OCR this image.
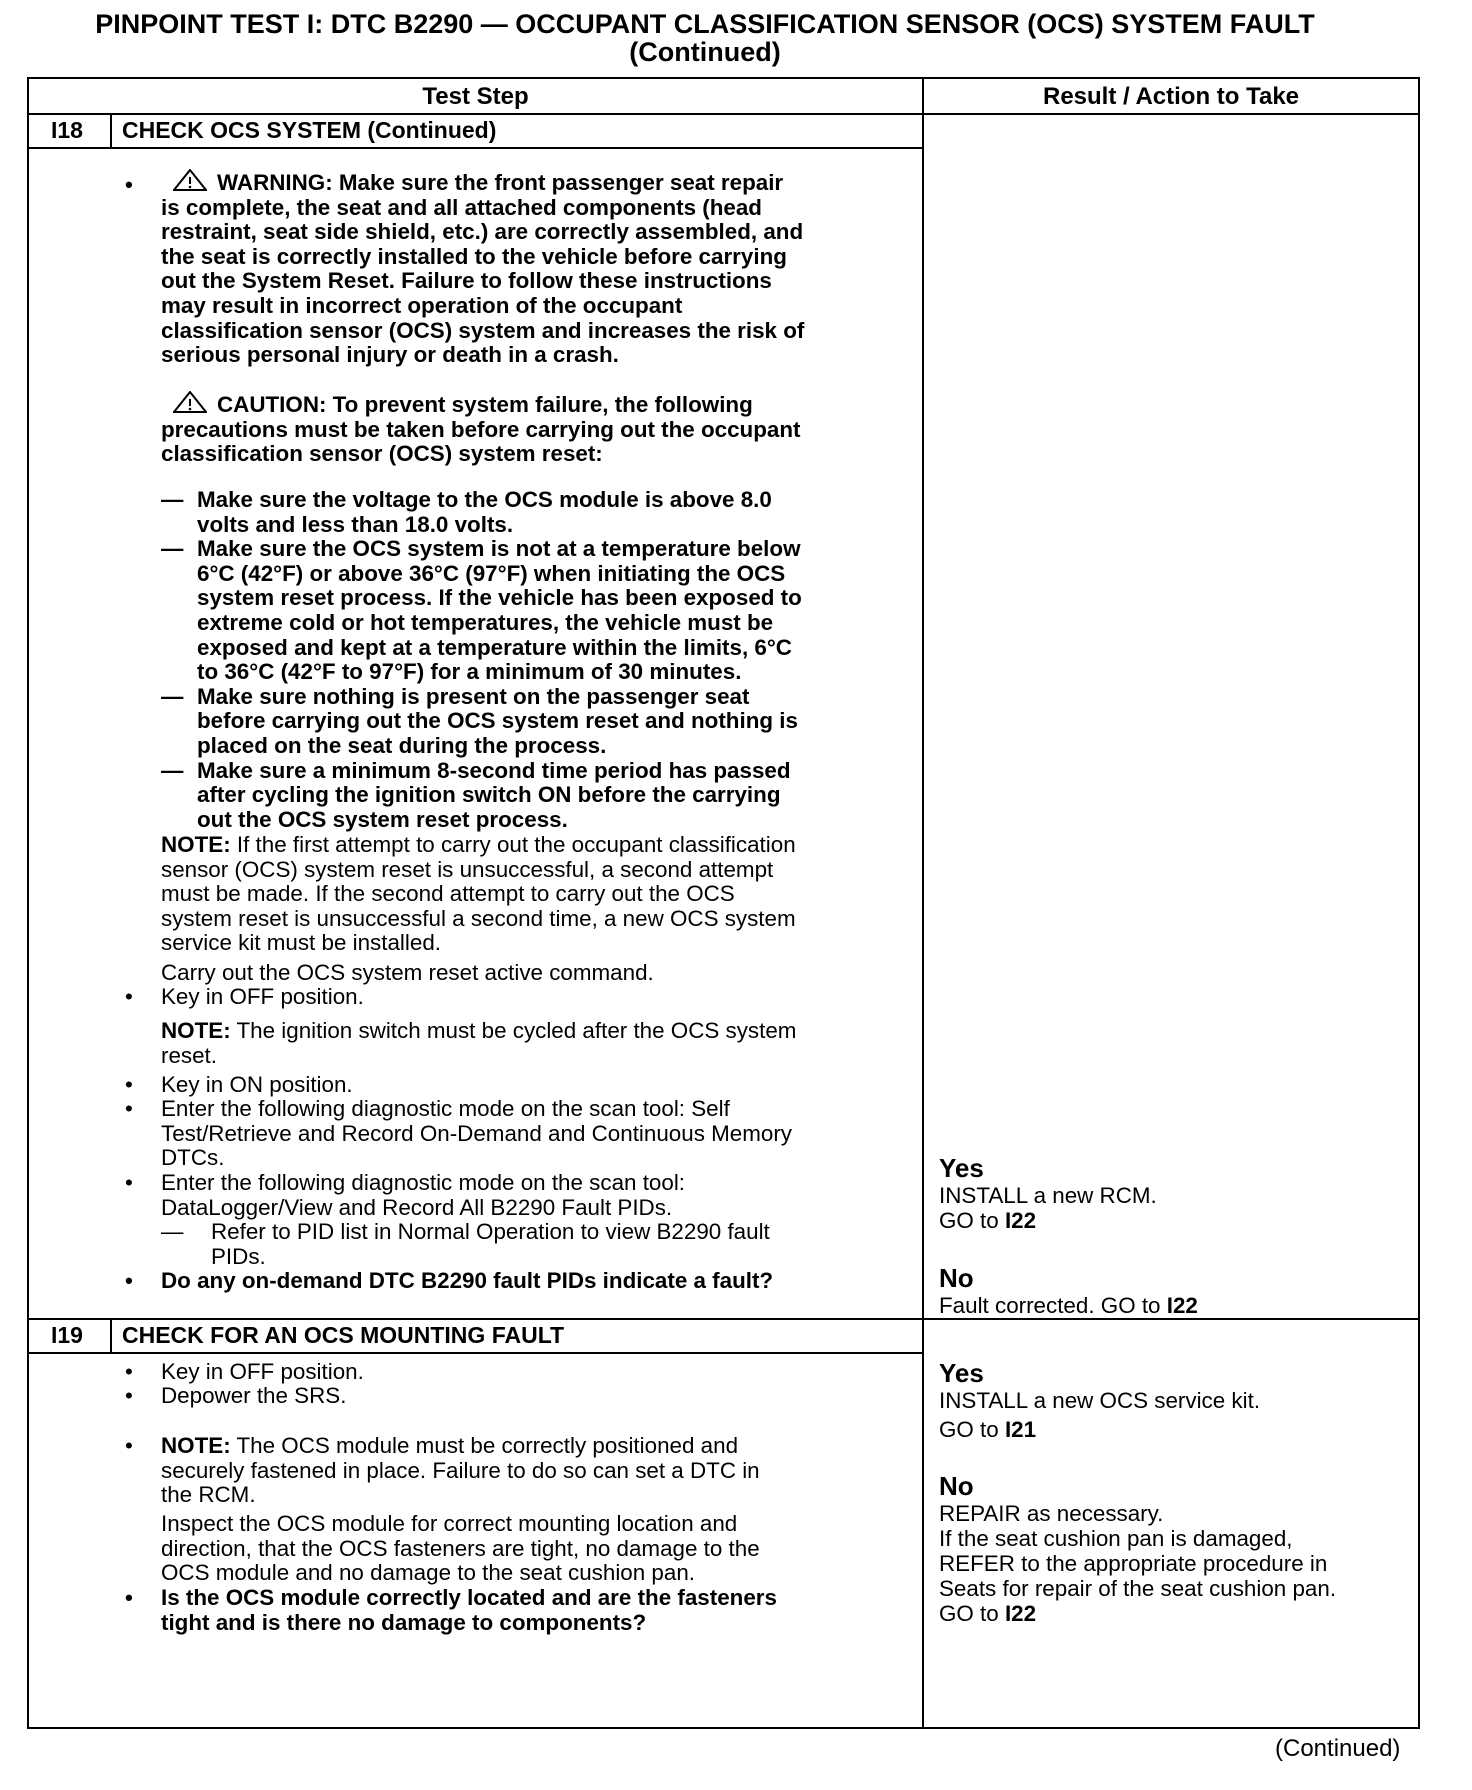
PINPOINT TEST I: DTC B2290 — OCCUPANT CLASSIFICATION SENSOR (OCS) SYSTEM FAULT
(Continued)
Test Step	Result / Action to Take
I18 CHECK OCS SYSTEM (Continued)
•	WARNING: Make sure the front passenger seat repair
is complete, the seat and all attached components (head
restraint, seat side shield, etc.) are correctly assembled, and
the seat is correctly installed to the vehicle before carrying
out the System Reset. Failure to follow these instructions
may result in incorrect operation of the occupant
classification sensor (OCS) system and increases the risk of
serious personal injury or death in a crash.
CAUTION: To prevent system failure, the following
precautions must be taken before carrying out the occupant
classification sensor (OCS) system reset:
— Make sure the voltage to the OCS module is above 8.0
volts and less than 18.0 volts.
— Make sure the OCS system is not at a temperature below
6°C (42°F) or above 36°C (97°F) when initiating the OCS
system reset process. If the vehicle has been exposed to
extreme cold or hot temperatures, the vehicle must be
exposed and kept at a temperature within the limits, 6°C
to 36°C (42°F to 97°F) for a minimum of 30 minutes.
— Make sure nothing is present on the passenger seat
before carrying out the OCS system reset and nothing is
placed on the seat during the process.
— Make sure a minimum 8-second time period has passed
after cycling the ignition switch ON before the carrying
out the OCS system reset process.
NOTE: If the first attempt to carry out the occupant classification
sensor (OCS) system reset is unsuccessful, a second attempt
must be made. If the second attempt to carry out the OCS
system reset is unsuccessful a second time, a new OCS system
service kit must be installed.
Carry out the OCS system reset active command.
• Key in OFF position.
NOTE: The ignition switch must be cycled after the OCS system
reset.
• Key in ON position.
• Enter the following diagnostic mode on the scan tool: Self
Test/Retrieve and Record On-Demand and Continuous Memory
DTCs.
• Enter the following diagnostic mode on the scan tool:
DataLogger/View and Record All B2290 Fault PIDs.
— Refer to PID list in Normal Operation to view B2290 fault
PIDs.
• Do any on-demand DTC B2290 fault PIDs indicate a fault?
Yes
INSTALL a new RCM.
GO to I22
No
Fault corrected. GO to I22
I19 CHECK FOR AN OCS MOUNTING FAULT
• Key in OFF position.
• Depower the SRS.
• NOTE: The OCS module must be correctly positioned and
securely fastened in place. Failure to do so can set a DTC in
the RCM.
Inspect the OCS module for correct mounting location and
direction, that the OCS fasteners are tight, no damage to the
OCS module and no damage to the seat cushion pan.
• Is the OCS module correctly located and are the fasteners
tight and is there no damage to components?
Yes
INSTALL a new OCS service kit.
GO to I21
No
REPAIR as necessary.
If the seat cushion pan is damaged,
REFER to the appropriate procedure in
Seats for repair of the seat cushion pan.
GO to I22
(Continued)
